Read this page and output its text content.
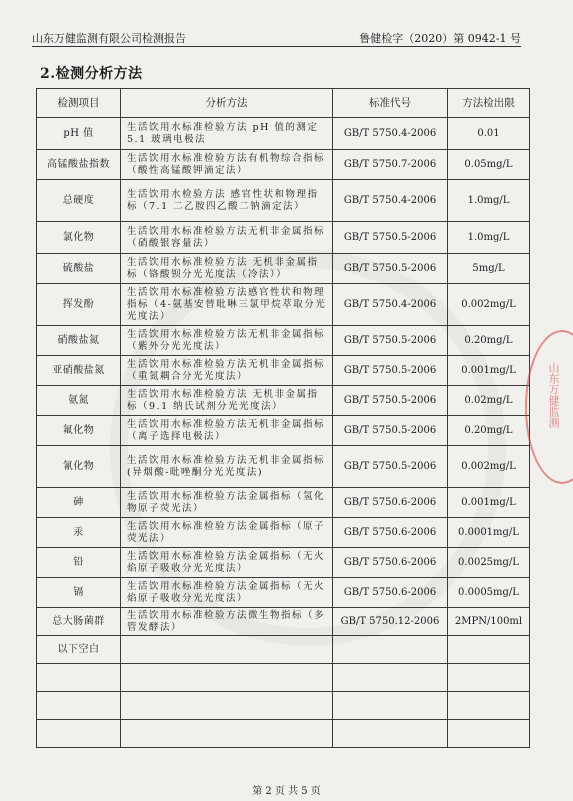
山东万健监测有限公司检测报告	鲁健检字（2020）第 0942-1 号
2.检测分析方法
检测项目	分析方法	标准代号	方法检出限
pH 值	生活饮用水标准检验方法 pH 值的测定 5.1 玻璃电极法	GB/T 5750.4-2006	0.01
高锰酸盐指数	生活饮用水标准检验方法有机物综合指标（酸性高锰酸钾滴定法）	GB/T 5750.7-2006	0.05mg/L
总硬度	生活饮用水检验方法 感官性状和物理指标（7.1 二乙胺四乙酸二钠滴定法）	GB/T 5750.4-2006	1.0mg/L
氯化物	生活饮用水标准检验方法无机非金属指标（硝酸银容量法）	GB/T 5750.5-2006	1.0mg/L
硫酸盐	生活饮用水标准检验方法 无机非金属指标（铬酸钡分光光度法（冷法））	GB/T 5750.5-2006	5mg/L
挥发酚	生活饮用水标准检验方法感官性状和物理指标（4-氨基安替吡啉三氯甲烷萃取分光光度法）	GB/T 5750.4-2006	0.002mg/L
硝酸盐氮	生活饮用水标准检验方法无机非金属指标（紫外分光光度法）	GB/T 5750.5-2006	0.20mg/L
亚硝酸盐氮	生活饮用水标准检验方法无机非金属指标（重氮耦合分光光度法）	GB/T 5750.5-2006	0.001mg/L
氨氮	生活饮用水标准检验方法 无机非金属指标（9.1 纳氏试剂分光光度法）	GB/T 5750.5-2006	0.02mg/L
氟化物	生活饮用水标准检验方法无机非金属指标（离子选择电极法）	GB/T 5750.5-2006	0.20mg/L
氰化物	生活饮用水标准检验方法无机非金属指标 (异烟酸-吡唑酮分光光度法)	GB/T 5750.5-2006	0.002mg/L
砷	生活饮用水标准检验方法金属指标（氢化物原子荧光法）	GB/T 5750.6-2006	0.001mg/L
汞	生活饮用水标准检验方法金属指标（原子荧光法）	GB/T 5750.6-2006	0.0001mg/L
铅	生活饮用水标准检验方法金属指标（无火焰原子吸收分光光度法）	GB/T 5750.6-2006	0.0025mg/L
镉	生活饮用水标准检验方法金属指标（无火焰原子吸收分光光度法）	GB/T 5750.6-2006	0.0005mg/L
总大肠菌群	生活饮用水标准检验方法微生物指标（多管发酵法）	GB/T 5750.12-2006	2MPN/100ml
以下空白			

山东万健监测
第 2 页 共 5 页
